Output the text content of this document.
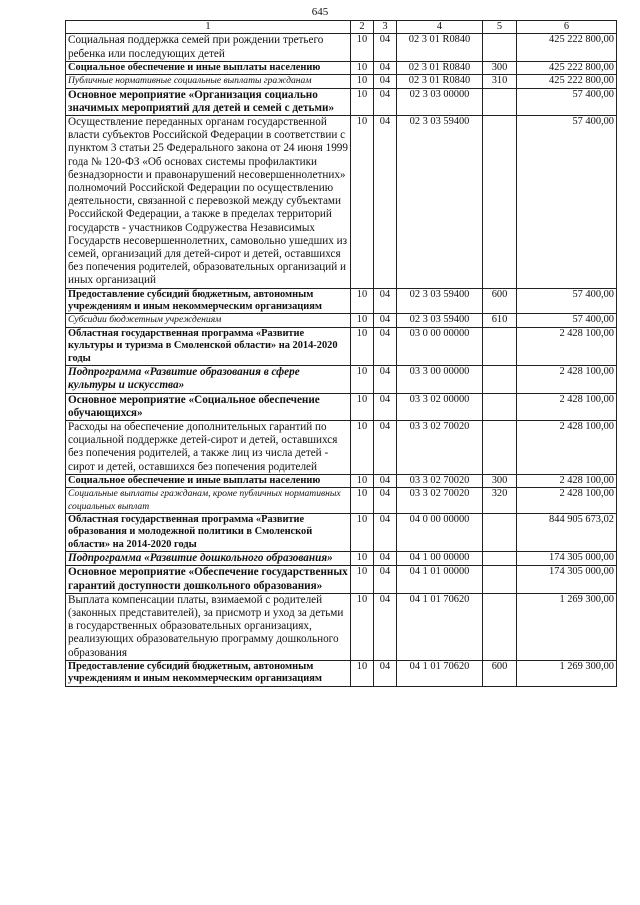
645
1	2	3	4	5	6
Социальная поддержка семей при рождении третьего ребенка или последующих детей	10	04	02 3 01 R0840		425 222 800,00
Социальное обеспечение и иные выплаты населению	10	04	02 3 01 R0840	300	425 222 800,00
Публичные нормативные социальные выплаты гражданам	10	04	02 3 01 R0840	310	425 222 800,00
Основное мероприятие «Организация социально значимых мероприятий для детей и семей с детьми»	10	04	02 3 03 00000		57 400,00
Осуществление переданных органам государственной власти субъектов Российской Федерации в соответствии с пунктом 3 статьи 25 Федерального закона от 24 июня 1999 года № 120-ФЗ «Об основах системы профилактики безнадзорности и правонарушений несовершеннолетних» полномочий Российской Федерации по осуществлению деятельности, связанной с перевозкой между субъектами Российской Федерации, а также в пределах территорий государств - участников Содружества Независимых Государств несовершеннолетних, самовольно ушедших из семей, организаций для детей-сирот и детей, оставшихся без попечения родителей, образовательных организаций и иных организаций	10	04	02 3 03 59400		57 400,00
Предоставление субсидий бюджетным, автономным учреждениям и иным некоммерческим организациям	10	04	02 3 03 59400	600	57 400,00
Субсидии бюджетным учреждениям	10	04	02 3 03 59400	610	57 400,00
Областная государственная программа «Развитие культуры и туризма в Смоленской области» на 2014-2020 годы	10	04	03 0 00 00000		2 428 100,00
Подпрограмма «Развитие образования в сфере культуры и искусства»	10	04	03 3 00 00000		2 428 100,00
Основное мероприятие «Социальное обеспечение обучающихся»	10	04	03 3 02 00000		2 428 100,00
Расходы на обеспечение дополнительных гарантий по социальной поддержке детей-сирот и детей, оставшихся без попечения родителей, а также лиц из числа детей - сирот и детей, оставшихся без попечения родителей	10	04	03 3 02 70020		2 428 100,00
Социальное обеспечение и иные выплаты населению	10	04	03 3 02 70020	300	2 428 100,00
Социальные выплаты гражданам, кроме публичных нормативных социальных выплат	10	04	03 3 02 70020	320	2 428 100,00
Областная государственная программа «Развитие образования и молодежной политики в Смоленской области» на 2014-2020 годы	10	04	04 0 00 00000		844 905 673,02
Подпрограмма «Развитие дошкольного образования»	10	04	04 1 00 00000		174 305 000,00
Основное мероприятие «Обеспечение государственных гарантий доступности дошкольного образования»	10	04	04 1 01 00000		174 305 000,00
Выплата компенсации платы, взимаемой с родителей (законных представителей), за присмотр и уход за детьми в государственных образовательных организациях, реализующих образовательную программу дошкольного образования	10	04	04 1 01 70620		1 269 300,00
Предоставление субсидий бюджетным, автономным учреждениям и иным некоммерческим организациям	10	04	04 1 01 70620	600	1 269 300,00
